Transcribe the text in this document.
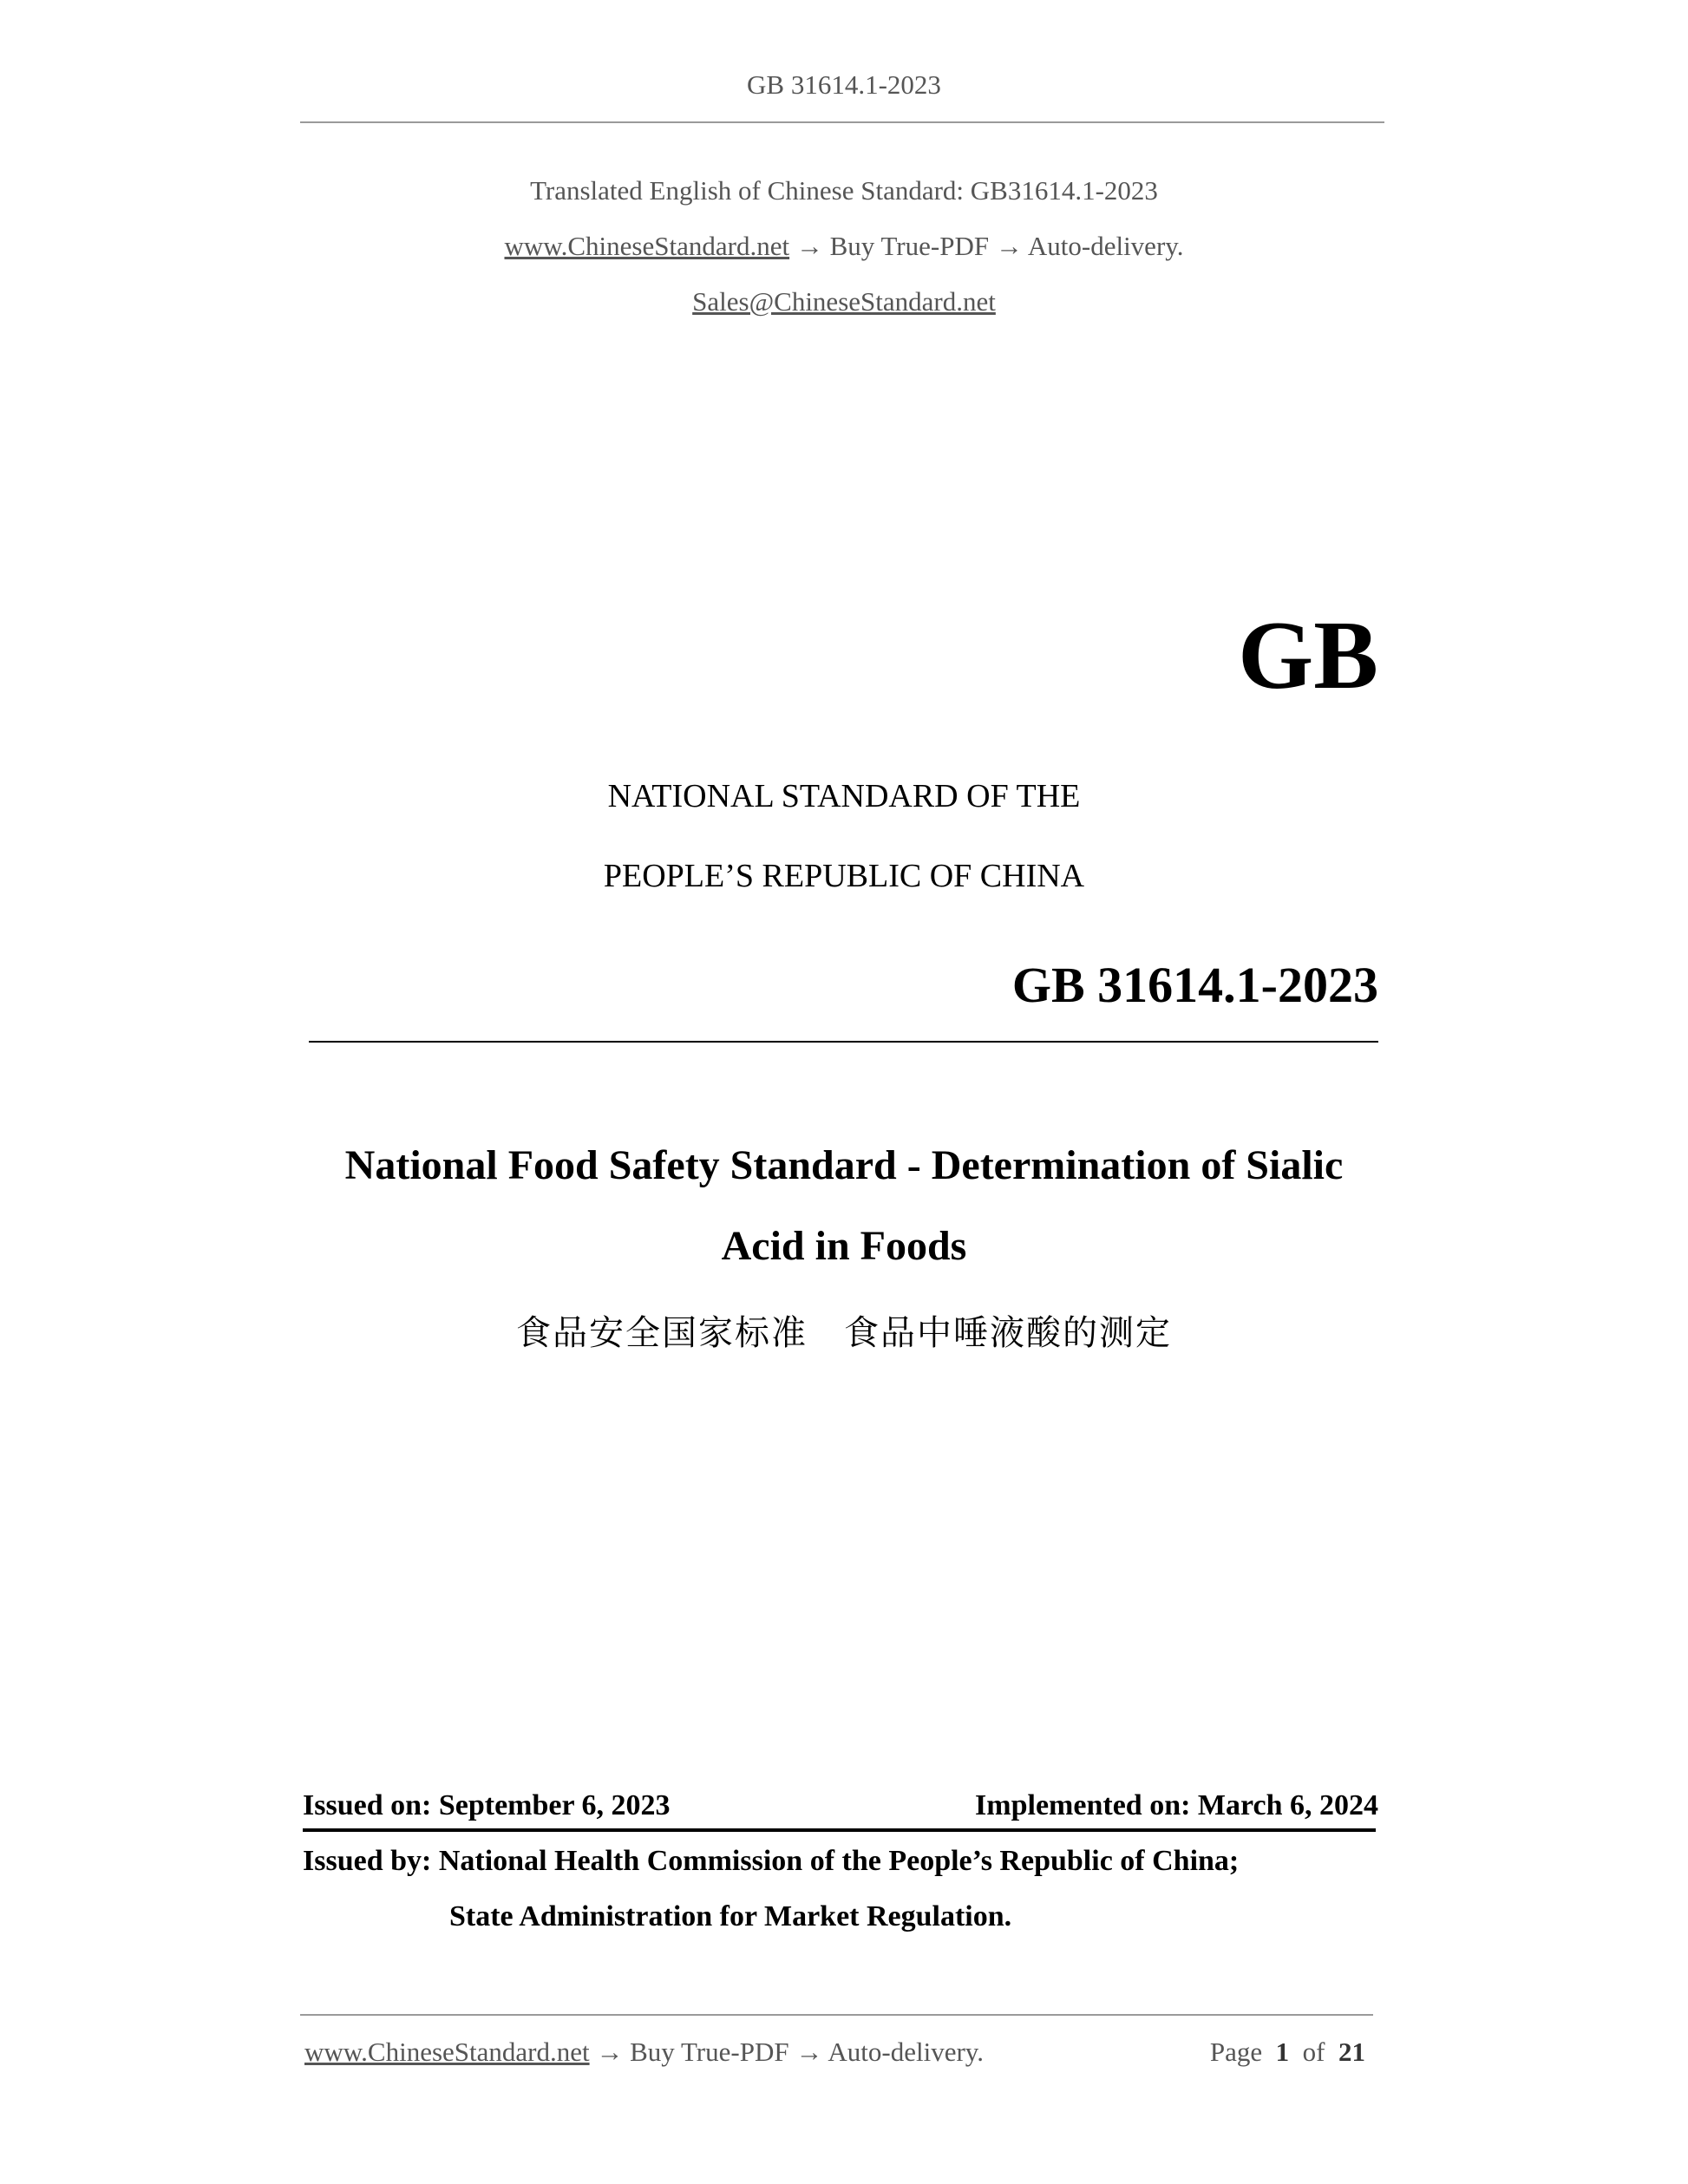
GB 31614.1-2023
Translated English of Chinese Standard: GB31614.1-2023
www.ChineseStandard.net → Buy True-PDF → Auto-delivery.
Sales@ChineseStandard.net
GB
NATIONAL STANDARD OF THE
PEOPLE’S REPUBLIC OF CHINA
GB 31614.1-2023
National Food Safety Standard - Determination of Sialic
Acid in Foods
食品安全国家标准　食品中唾液酸的测定
Issued on: September 6, 2023	Implemented on: March 6, 2024
Issued by: National Health Commission of the People’s Republic of China;
State Administration for Market Regulation.
www.ChineseStandard.net → Buy True-PDF → Auto-delivery.	Page 1 of 21
